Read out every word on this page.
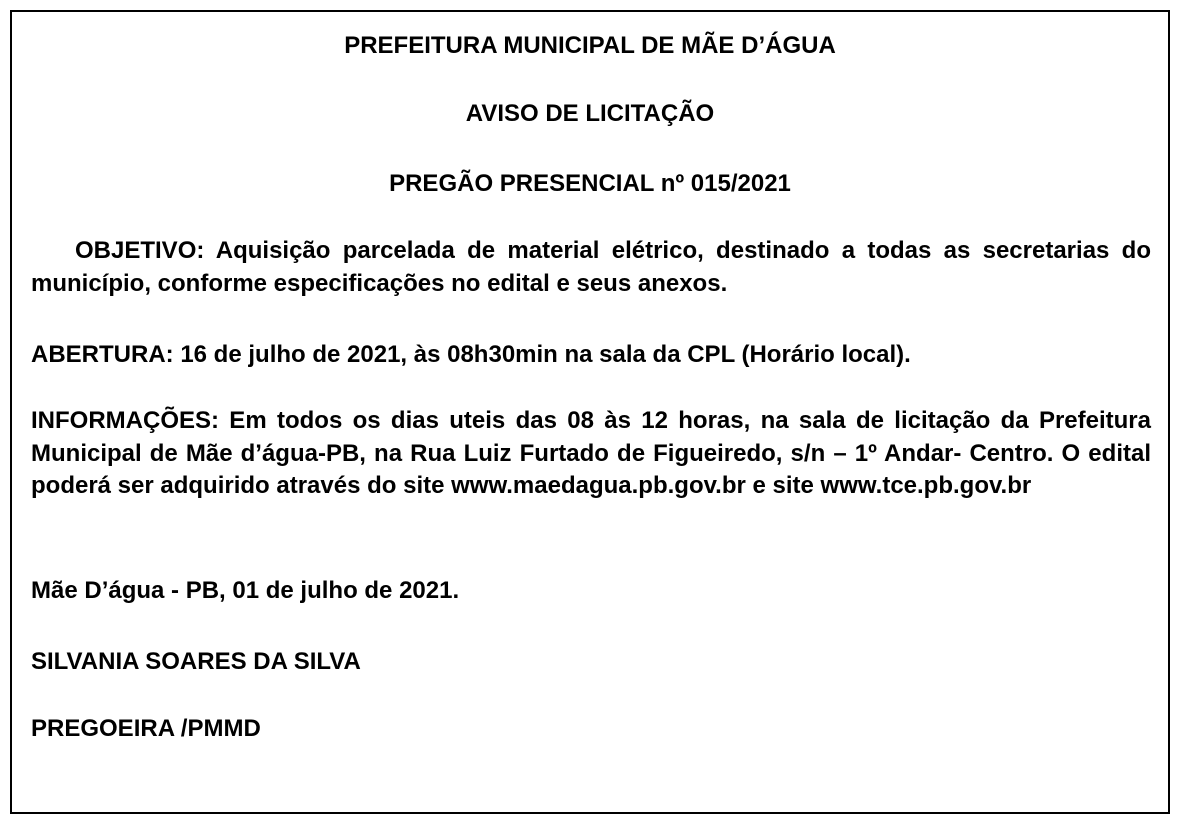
PREFEITURA MUNICIPAL DE MÃE D’ÁGUA
AVISO DE LICITAÇÃO
PREGÃO PRESENCIAL nº 015/2021
OBJETIVO: Aquisição parcelada de material elétrico, destinado a todas as secretarias do município, conforme especificações no edital e seus anexos.
ABERTURA: 16 de julho de 2021, às 08h30min na sala da CPL (Horário local).
INFORMAÇÕES: Em todos os dias uteis das 08 às 12 horas, na sala de licitação da Prefeitura Municipal de Mãe d’água-PB, na Rua Luiz Furtado de Figueiredo, s/n – 1º Andar- Centro. O edital poderá ser adquirido através do site www.maedagua.pb.gov.br e site www.tce.pb.gov.br
Mãe D’água - PB, 01 de julho de 2021.
SILVANIA SOARES DA SILVA
PREGOEIRA /PMMD
